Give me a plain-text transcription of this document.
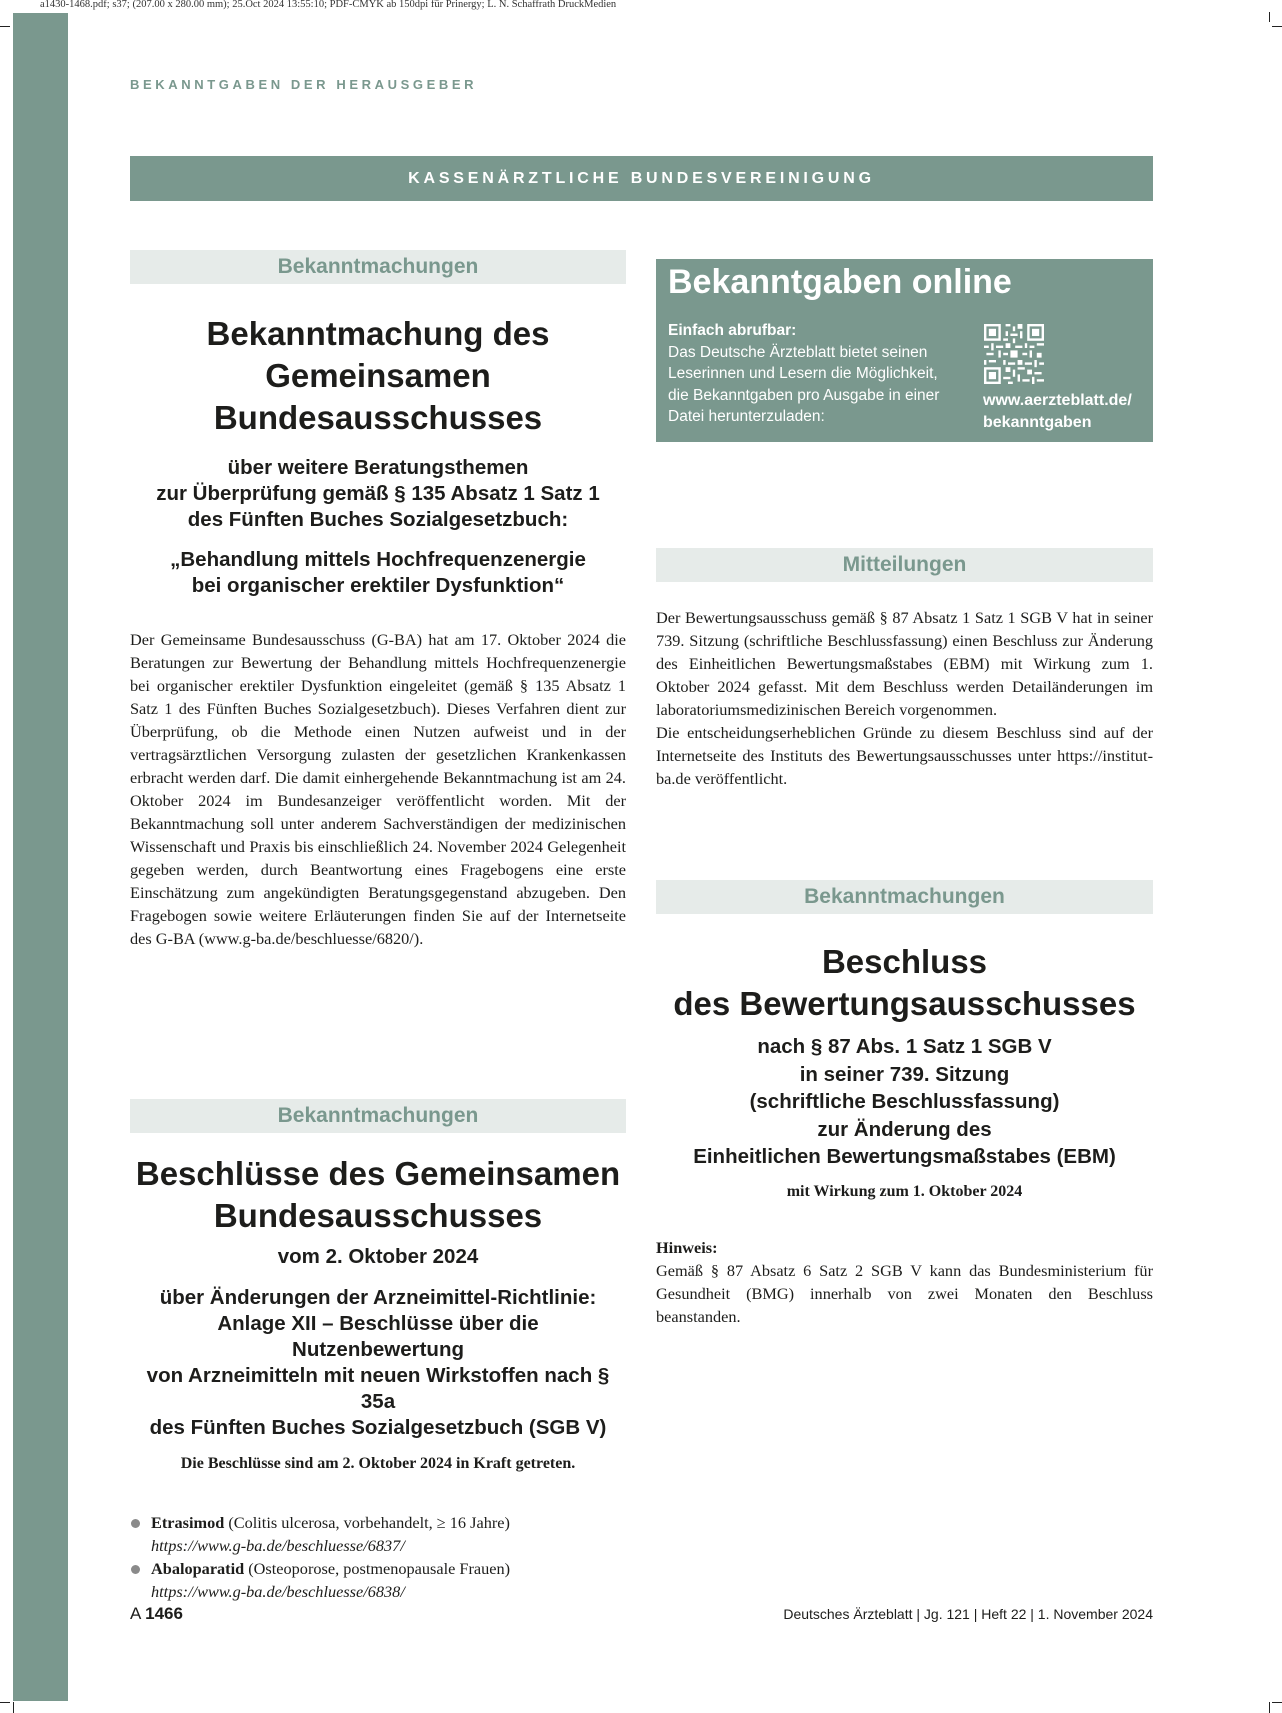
a1430-1468.pdf; s37; (207.00 x 280.00 mm); 25.Oct 2024 13:55:10; PDF-CMYK ab 150dpi für Prinergy; L. N. Schaffrath DruckMedien
BEKANNTGABEN DER HERAUSGEBER
KASSENÄRZTLICHE BUNDESVEREINIGUNG
Bekanntmachungen
Bekanntmachung des
Gemeinsamen Bundesausschusses
über weitere Beratungsthemen
zur Überprüfung gemäß § 135 Absatz 1 Satz 1
des Fünften Buches Sozialgesetzbuch:
„Behandlung mittels Hochfrequenzenergie
bei organischer erektiler Dysfunktion“
Der Gemeinsame Bundesausschuss (G-BA) hat am 17. Oktober 2024 die Beratungen zur Bewertung der Behandlung mittels Hochfrequenzenergie bei organischer erektiler Dysfunktion eingeleitet (gemäß § 135 Absatz 1 Satz 1 des Fünften Buches Sozialgesetzbuch). Dieses Verfahren dient zur Überprüfung, ob die Methode einen Nutzen aufweist und in der vertragsärztlichen Versorgung zulasten der gesetzlichen Krankenkassen erbracht werden darf. Die damit einhergehende Bekanntmachung ist am 24. Oktober 2024 im Bundesanzeiger veröffentlicht worden. Mit der Bekanntmachung soll unter anderem Sachverständigen der medizinischen Wissenschaft und Praxis bis einschließlich 24. November 2024 Gelegenheit gegeben werden, durch Beantwortung eines Fragebogens eine erste Einschätzung zum angekündigten Beratungsgegenstand abzugeben. Den Fragebogen sowie weitere Erläuterungen finden Sie auf der Internetseite des G-BA (www.g-ba.de/beschluesse/6820/).
Bekanntmachungen
Beschlüsse des Gemeinsamen
Bundesausschusses
vom 2. Oktober 2024
über Änderungen der Arzneimittel-Richtlinie:
Anlage XII – Beschlüsse über die Nutzenbewertung
von Arzneimitteln mit neuen Wirkstoffen nach § 35a
des Fünften Buches Sozialgesetzbuch (SGB V)
Die Beschlüsse sind am 2. Oktober 2024 in Kraft getreten.
Etrasimod (Colitis ulcerosa, vorbehandelt, ≥ 16 Jahre)
https://www.g-ba.de/beschluesse/6837/
Abaloparatid (Osteoporose, postmenopausale Frauen)
https://www.g-ba.de/beschluesse/6838/
Bekanntgaben online
Einfach abrufbar:
Das Deutsche Ärzteblatt bietet seinen Leserinnen und Lesern die Möglichkeit, die Bekanntgaben pro Ausgabe in einer Datei herunterzuladen:
www.aerzteblatt.de/
bekanntgaben
Mitteilungen
Der Bewertungsausschuss gemäß § 87 Absatz 1 Satz 1 SGB V hat in seiner 739. Sitzung (schriftliche Beschlussfassung) einen Beschluss zur Änderung des Einheitlichen Bewertungsmaßstabes (EBM) mit Wirkung zum 1. Oktober 2024 gefasst. Mit dem Beschluss werden Detailänderungen im laboratoriumsmedizinischen Bereich vorgenommen.
Die entscheidungserheblichen Gründe zu diesem Beschluss sind auf der Internetseite des Instituts des Bewertungsausschusses unter https://institut-ba.de veröffentlicht.
Bekanntmachungen
Beschluss
des Bewertungsausschusses
nach § 87 Abs. 1 Satz 1 SGB V
in seiner 739. Sitzung
(schriftliche Beschlussfassung)
zur Änderung des
Einheitlichen Bewertungsmaßstabes (EBM)
mit Wirkung zum 1. Oktober 2024
Hinweis:
Gemäß § 87 Absatz 6 Satz 2 SGB V kann das Bundesministerium für Gesundheit (BMG) innerhalb von zwei Monaten den Beschluss beanstanden.
A 1466	Deutsches Ärzteblatt | Jg. 121 | Heft 22 | 1. November 2024
